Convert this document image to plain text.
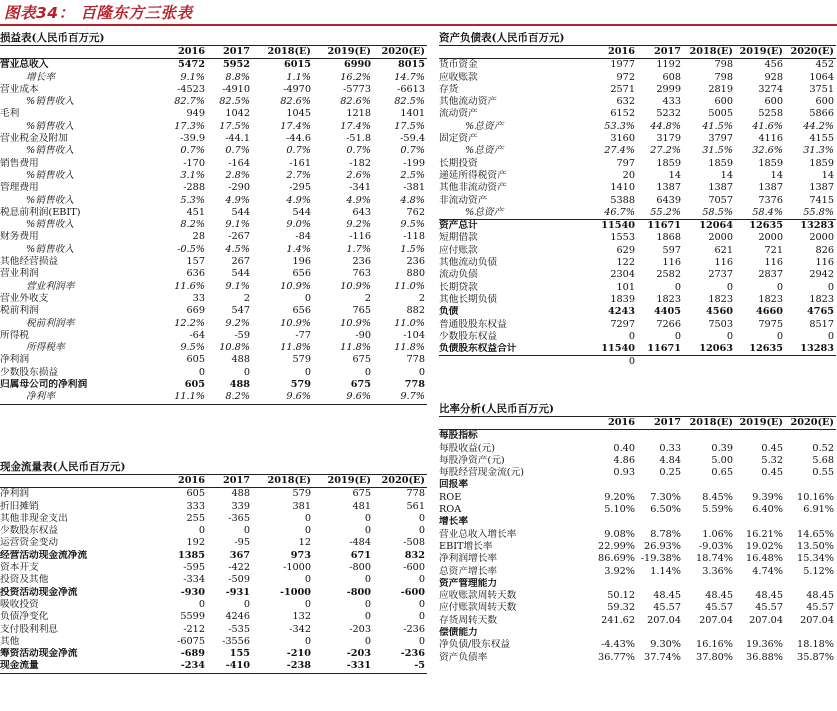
图表34： 百隆东方三张表
损益表(人民币百万元)
	2016	2017	2018(E)	2019(E)	2020(E)
营业总收入	5472	5952	6015	6990	8015
增长率	9.1%	8.8%	1.1%	16.2%	14.7%
营业成本	-4523	-4910	-4970	-5773	-6613
%销售收入	82.7%	82.5%	82.6%	82.6%	82.5%
毛利	949	1042	1045	1218	1401
%销售收入	17.3%	17.5%	17.4%	17.4%	17.5%
营业税金及附加	-39.9	-44.1	-44.6	-51.8	-59.4
%销售收入	0.7%	0.7%	0.7%	0.7%	0.7%
销售费用	-170	-164	-161	-182	-199
%销售收入	3.1%	2.8%	2.7%	2.6%	2.5%
管理费用	-288	-290	-295	-341	-381
%销售收入	5.3%	4.9%	4.9%	4.9%	4.8%
税息前利润(EBIT)	451	544	544	643	762
%销售收入	8.2%	9.1%	9.0%	9.2%	9.5%
财务费用	28	-267	-84	-116	-118
%销售收入	-0.5%	4.5%	1.4%	1.7%	1.5%
其他经营损益	157	267	196	236	236
营业利润	636	544	656	763	880
营业利润率	11.6%	9.1%	10.9%	10.9%	11.0%
营业外收支	33	2	0	2	2
税前利润	669	547	656	765	882
税前利润率	12.2%	9.2%	10.9%	10.9%	11.0%
所得税	-64	-59	-77	-90	-104
所得税率	9.5%	10.8%	11.8%	11.8%	11.8%
净利润	605	488	579	675	778
少数股东损益	0	0	0	0	0
归属母公司的净利润	605	488	579	675	778
净利率	11.1%	8.2%	9.6%	9.6%	9.7%
现金流量表(人民币百万元)
	2016	2017	2018(E)	2019(E)	2020(E)
净利润	605	488	579	675	778
折旧摊销	333	339	381	481	561
其他非现金支出	255	-365	0	0	0
少数股东权益	0	0	0	0	0
运营资金变动	192	-95	12	-484	-508
经营活动现金流净流	1385	367	973	671	832
资本开支	-595	-422	-1000	-800	-600
投资及其他	-334	-509	0	0	0
投资活动现金净流	-930	-931	-1000	-800	-600
吸收投资	0	0	0	0	0
负债净变化	5599	4246	132	0	0
支付股利利息	-212	-535	-342	-203	-236
其他	-6075	-3556	0	0	0
筹资活动现金净流	-689	155	-210	-203	-236
现金流量	-234	-410	-238	-331	-5
资产负债表(人民币百万元)
	2016	2017	2018(E)	2019(E)	2020(E)
货币资金	1977	1192	798	456	452
应收账款	972	608	798	928	1064
存货	2571	2999	2819	3274	3751
其他流动资产	632	433	600	600	600
流动资产	6152	5232	5005	5258	5866
%总资产	53.3%	44.8%	41.5%	41.6%	44.2%
固定资产	3160	3179	3797	4116	4155
%总资产	27.4%	27.2%	31.5%	32.6%	31.3%
长期投资	797	1859	1859	1859	1859
递延所得税资产	20	14	14	14	14
其他非流动资产	1410	1387	1387	1387	1387
非流动资产	5388	6439	7057	7376	7415
%总资产	46.7%	55.2%	58.5%	58.4%	55.8%
资产总计	11540	11671	12064	12635	13283
短期借款	1553	1868	2000	2000	2000
应付账款	629	597	621	721	826
其他流动负债	122	116	116	116	116
流动负债	2304	2582	2737	2837	2942
长期贷款	101	0	0	0	0
其他长期负债	1839	1823	1823	1823	1823
负债	4243	4405	4560	4660	4765
普通股股东权益	7297	7266	7503	7975	8517
少数股东权益	0	0	0	0	0
负债股东权益合计	11540	11671	12063	12635	13283
	0				
比率分析(人民币百万元)
	2016	2017	2018(E)	2019(E)	2020(E)
每股指标					
每股收益(元)	0.40	0.33	0.39	0.45	0.52
每股净资产(元)	4.86	4.84	5.00	5.32	5.68
每股经营现金流(元)	0.93	0.25	0.65	0.45	0.55
回报率					
ROE	9.20%	7.30%	8.45%	9.39%	10.16%
ROA	5.10%	6.50%	5.59%	6.40%	6.91%
增长率					
营业总收入增长率	9.08%	8.78%	1.06%	16.21%	14.65%
EBIT增长率	22.99%	26.93%	-9.03%	19.02%	13.50%
净利润增长率	86.69%	-19.38%	18.74%	16.48%	15.34%
总资产增长率	3.92%	1.14%	3.36%	4.74%	5.12%
资产管理能力					
应收账款周转天数	50.12	48.45	48.45	48.45	48.45
应付账款周转天数	59.32	45.57	45.57	45.57	45.57
存货周转天数	241.62	207.04	207.04	207.04	207.04
偿债能力					
净负债/股东权益	-4.43%	9.30%	16.16%	19.36%	18.18%
资产负债率	36.77%	37.74%	37.80%	36.88%	35.87%
